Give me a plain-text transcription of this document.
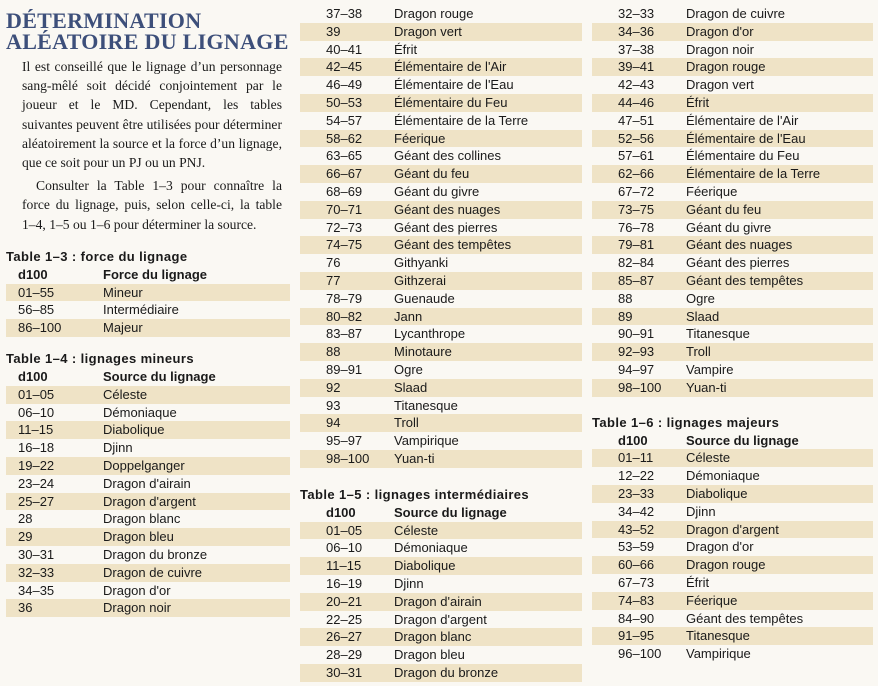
DÉTERMINATION
ALÉATOIRE DU LIGNAGE

Il est conseillé que le lignage d’un personnage sang-mêlé soit décidé conjointement par le joueur et le MD. Cependant, les tables suivantes peuvent être utilisées pour déterminer aléatoirement la source et la force d’un lignage, que ce soit pour un PJ ou un PNJ.

Consulter la Table 1–3 pour connaître la force du lignage, puis, selon celle-ci, la table 1–4, 1–5 ou 1–6 pour déterminer la source.

Table 1–3 : force du lignage
d100	Force du lignage
01–55	Mineur
56–85	Intermédiaire
86–100	Majeur
Table 1–4 : lignages mineurs
d100	Source du lignage
01–05	Céleste
06–10	Démoniaque
11–15	Diabolique
16–18	Djinn
19–22	Doppelganger
23–24	Dragon d'airain
25–27	Dragon d'argent
28	Dragon blanc
29	Dragon bleu
30–31	Dragon du bronze
32–33	Dragon de cuivre
34–35	Dragon d'or
36	Dragon noir
37–38	Dragon rouge
39	Dragon vert
40–41	Éfrit
42–45	Élémentaire de l'Air
46–49	Élémentaire de l'Eau
50–53	Élémentaire du Feu
54–57	Élémentaire de la Terre
58–62	Féerique
63–65	Géant des collines
66–67	Géant du feu
68–69	Géant du givre
70–71	Géant des nuages
72–73	Géant des pierres
74–75	Géant des tempêtes
76	Githyanki
77	Githzerai
78–79	Guenaude
80–82	Jann
83–87	Lycanthrope
88	Minotaure
89–91	Ogre
92	Slaad
93	Titanesque
94	Troll
95–97	Vampirique
98–100	Yuan-ti
Table 1–5 : lignages intermédiaires
d100	Source du lignage
01–05	Céleste
06–10	Démoniaque
11–15	Diabolique
16–19	Djinn
20–21	Dragon d'airain
22–25	Dragon d'argent
26–27	Dragon blanc
28–29	Dragon bleu
30–31	Dragon du bronze
32–33	Dragon de cuivre
34–36	Dragon d'or
37–38	Dragon noir
39–41	Dragon rouge
42–43	Dragon vert
44–46	Éfrit
47–51	Élémentaire de l'Air
52–56	Élémentaire de l'Eau
57–61	Élémentaire du Feu
62–66	Élémentaire de la Terre
67–72	Féerique
73–75	Géant du feu
76–78	Géant du givre
79–81	Géant des nuages
82–84	Géant des pierres
85–87	Géant des tempêtes
88	Ogre
89	Slaad
90–91	Titanesque
92–93	Troll
94–97	Vampire
98–100	Yuan-ti
Table 1–6 : lignages majeurs
d100	Source du lignage
01–11	Céleste
12–22	Démoniaque
23–33	Diabolique
34–42	Djinn
43–52	Dragon d'argent
53–59	Dragon d'or
60–66	Dragon rouge
67–73	Éfrit
74–83	Féerique
84–90	Géant des tempêtes
91–95	Titanesque
96–100	Vampirique
